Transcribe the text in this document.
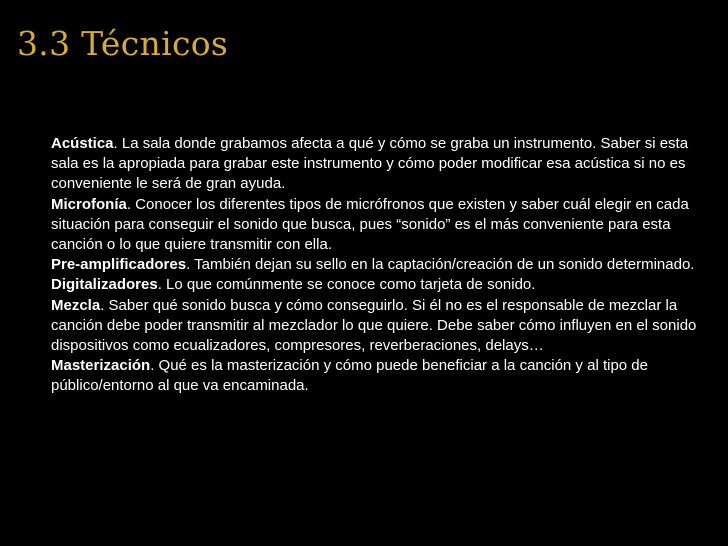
3.3 Técnicos

Acústica. La sala donde grabamos afecta a qué y cómo se graba un instrumento. Saber si esta sala es la apropiada para grabar este instrumento y cómo poder modificar esa acústica si no es conveniente le será de gran ayuda.

Microfonía. Conocer los diferentes tipos de micrófronos que existen y saber cuál elegir en cada situación para conseguir el sonido que busca, pues “sonido” es el más conveniente para esta canción o lo que quiere transmitir con ella.

Pre-amplificadores. También dejan su sello en la captación/creación de un sonido determinado.

Digitalizadores. Lo que comúnmente se conoce como tarjeta de sonido.

Mezcla. Saber qué sonido busca y cómo conseguirlo. Si él no es el responsable de mezclar la canción debe poder transmitir al mezclador lo que quiere. Debe saber cómo influyen en el sonido dispositivos como ecualizadores, compresores, reverberaciones, delays…

Masterización. Qué es la masterización y cómo puede beneficiar a la canción y al tipo de público/entorno al que va encaminada.
